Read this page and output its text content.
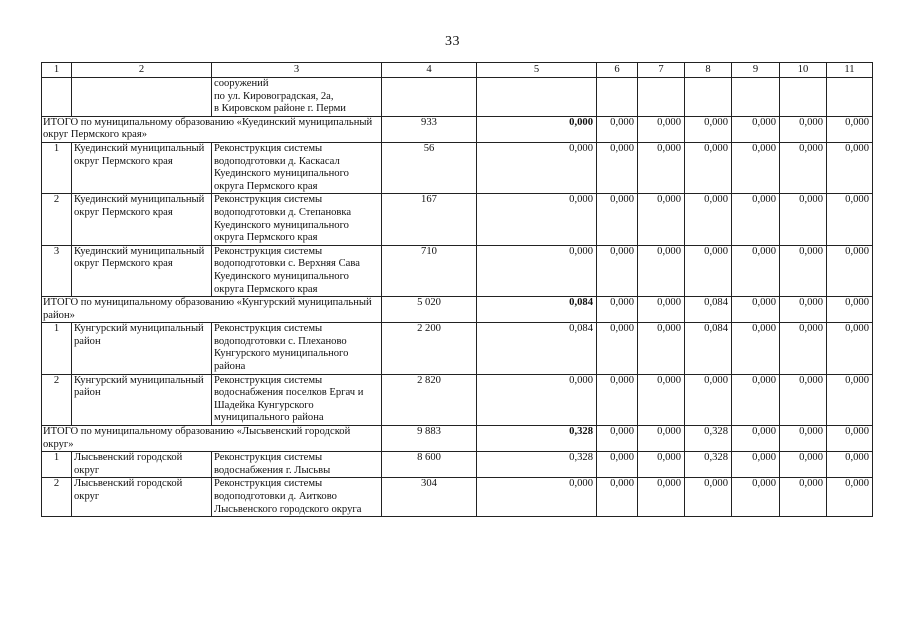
33
1	2	3	4	5	6	7	8	9	10	11
		сооружений
по ул. Кировоградская, 2а,
в Кировском районе г. Перми								
ИТОГО по муниципальному образованию «Куединский муниципальный округ Пермского края»			933	0,000	0,000	0,000	0,000	0,000	0,000	0,000
1	Куединский муниципальный округ Пермского края	Реконструкция системы водоподготовки д. Каскасал Куединского муниципального округа Пермского края	56	0,000	0,000	0,000	0,000	0,000	0,000	0,000
2	Куединский муниципальный округ Пермского края	Реконструкция системы водоподготовки д. Степановка Куединского муниципального округа Пермского края	167	0,000	0,000	0,000	0,000	0,000	0,000	0,000
3	Куединский муниципальный округ Пермского края	Реконструкция системы водоподготовки с. Верхняя Сава Куединского муниципального округа Пермского края	710	0,000	0,000	0,000	0,000	0,000	0,000	0,000
ИТОГО по муниципальному образованию «Кунгурский муниципальный район»			5 020	0,084	0,000	0,000	0,084	0,000	0,000	0,000
1	Кунгурский муниципальный район	Реконструкция системы водоподготовки с. Плеханово Кунгурского муниципального района	2 200	0,084	0,000	0,000	0,084	0,000	0,000	0,000
2	Кунгурский муниципальный район	Реконструкция системы водоснабжения поселков Ергач и Шадейка Кунгурского муниципального района	2 820	0,000	0,000	0,000	0,000	0,000	0,000	0,000
ИТОГО по муниципальному образованию «Лысьвенский городской округ»			9 883	0,328	0,000	0,000	0,328	0,000	0,000	0,000
1	Лысьвенский городской округ	Реконструкция системы водоснабжения г. Лысьвы	8 600	0,328	0,000	0,000	0,328	0,000	0,000	0,000
2	Лысьвенский городской округ	Реконструкция системы водоподготовки д. Аитково Лысьвенского городского округа	304	0,000	0,000	0,000	0,000	0,000	0,000	0,000
